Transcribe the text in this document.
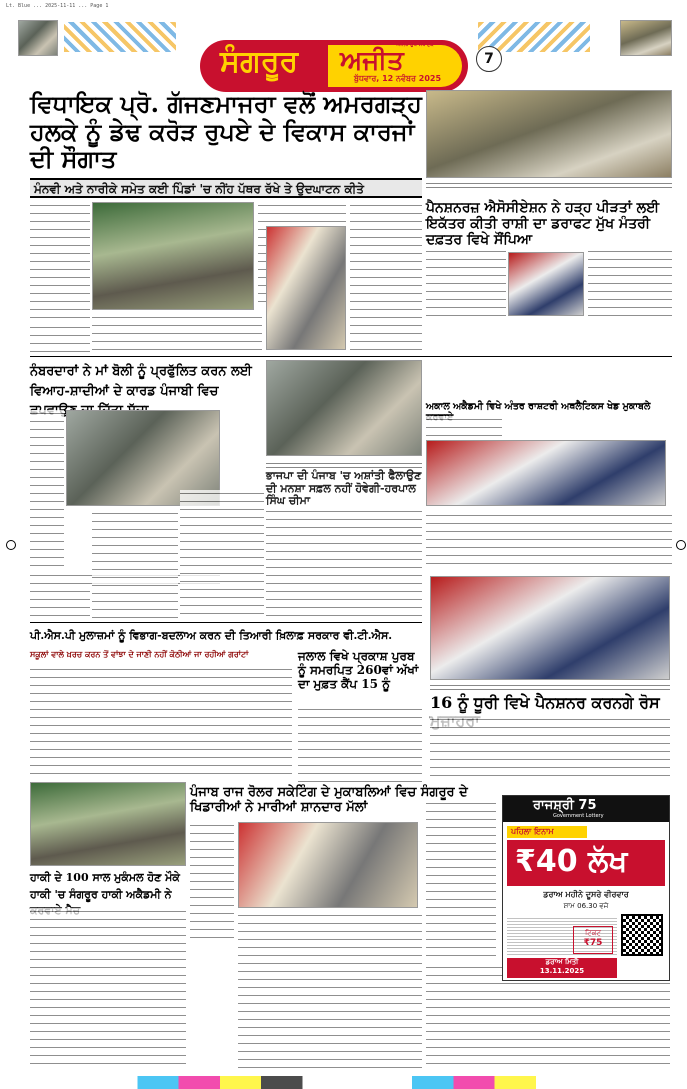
Lt. Blue ... 2025-11-11 ... Page 1
ਸੰਗਰੂਰ ਅਜੀਤ
ਅਜੀਤ ਉਪ-ਸੰਪਾਦਕ
ਬੁੱਧਵਾਰ, 12 ਨਵੰਬਰ 2025
7
ਵਿਧਾਇਕ ਪ੍ਰੋ. ਗੱਜਣਮਾਜਰਾ ਵਲੋਂ ਅਮਰਗੜ੍ਹ ਹਲਕੇ ਨੂੰ ਡੇਢ ਕਰੋੜ ਰੁਪਏ ਦੇ ਵਿਕਾਸ ਕਾਰਜਾਂ ਦੀ ਸੌਗਾਤ
ਮੰਨਵੀ ਅਤੇ ਨਾਰੀਕੇ ਸਮੇਤ ਕਈ ਪਿੰਡਾਂ 'ਚ ਨੀਂਹ ਪੱਥਰ ਰੱਖੇ ਤੇ ਉਦਘਾਟਨ ਕੀਤੇ
ਪੈਨਸ਼ਨਰਜ਼ ਐਸੋਸੀਏਸ਼ਨ ਨੇ ਹੜ੍ਹ ਪੀੜਤਾਂ ਲਈ ਇਕੱਤਰ ਕੀਤੀ ਰਾਸ਼ੀ ਦਾ ਡਰਾਫਟ ਮੁੱਖ ਮੰਤਰੀ ਦਫ਼ਤਰ ਵਿਖੇ ਸੌਂਪਿਆ
ਨੰਬਰਦਾਰਾਂ ਨੇ ਮਾਂ ਬੋਲੀ ਨੂੰ ਪ੍ਰਫੁੱਲਿਤ ਕਰਨ ਲਈ ਵਿਆਹ-ਸ਼ਾਦੀਆਂ ਦੇ ਕਾਰਡ ਪੰਜਾਬੀ ਵਿਚ
ਭਾਜਪਾ ਦੀ ਪੰਜਾਬ 'ਚ ਅਸ਼ਾਂਤੀ ਫੈਲਾਉਣ ਦੀ ਮਨਸ਼ਾ ਸਫ਼ਲ ਨਹੀਂ ਹੋਵੇਗੀ-ਹਰਪਾਲ ਸਿੰਘ ਚੀਮਾ
ਅਕਾਲ ਅਕੈਡਮੀ ਵਿਖੇ ਅੰਤਰ ਰਾਸ਼ਟਰੀ ਅਥਲੈਟਿਕਸ ਖੇਡ ਮੁਕਾਬਲੇ
16 ਨੂੰ ਧੂਰੀ ਵਿਖੇ ਪੈਨਸ਼ਨਰ ਕਰਨਗੇ ਰੋਸ
ਪੀ.ਐਸ.ਪੀ ਮੁਲਾਜ਼ਮਾਂ ਨੂੰ ਵਿਭਾਗ-ਬਦਲਾਅ ਕਰਨ ਦੀ ਤਿਆਰੀ ਖ਼ਿਲਾਫ਼ ਸਰਕਾਰ ਵੀ.ਟੀ.ਐਸ.
ਸਕੂਲਾਂ ਵਾਲੇ ਖ਼ਰਚ ਕਰਨ ਤੋਂ ਵਾਂਝਾ ਦੇ ਜਾਣੀ ਨਹੀਂ ਕੋਠੀਆਂ ਜਾ ਰਹੀਆਂ ਗਰਾਂਟਾਂ	ਜਲਾਲ ਵਿਖੇ ਪ੍ਰਕਾਸ਼ ਪੁਰਬ ਨੂੰ ਸਮਰਪਿਤ 260ਵਾਂ ਅੱਖਾਂ ਦਾ ਮੁਫ਼ਤ ਕੈਂਪ 15 ਨੂੰ
ਪੰਜਾਬ ਰਾਜ ਰੋਲਰ ਸਕੇਟਿੰਗ ਦੇ ਮੁਕਾਬਲਿਆਂ ਵਿਚ ਸੰਗਰੂਰ ਦੇ ਖਿਡਾਰੀਆਂ ਨੇ ਮਾਰੀਆਂ ਸ਼ਾਨਦਾਰ ਮੱਲਾਂ
ਹਾਕੀ ਦੇ 100 ਸਾਲ ਮੁਕੰਮਲ ਹੋਣ ਮੌਕੇ ਹਾਕੀ 'ਚ ਸੰਗਰੂਰ ਹਾਕੀ ਅਕੈਡਮੀ ਨੇ
ਰਾਜਸ਼੍ਰੀ 75
Government Lottery
ਪਹਿਲਾ ਇਨਾਮ
₹40 ਲੱਖ
ਡਰਾਅ ਮਹੀਨੇ ਦੂਸਰੇ ਵੀਰਵਾਰ
ਸ਼ਾਮ 06.30 ਵਜੇ
ਟਿਕਟ
₹75
ਡਰਾਅ ਮਿਤੀ
13.11.2025
